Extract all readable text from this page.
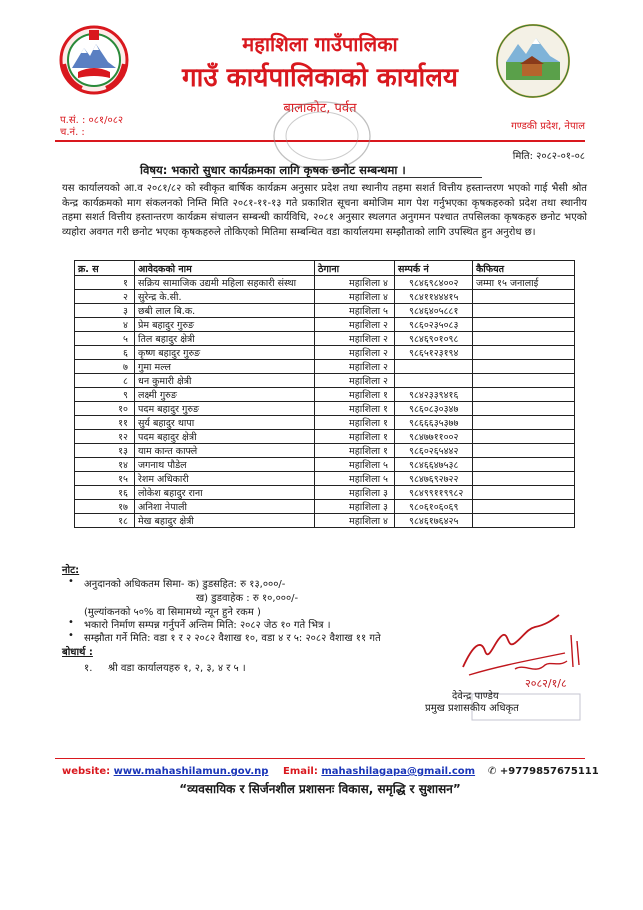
महाशिला गाउँपालिका
गाउँ कार्यपालिकाको कार्यालय
बालाकोट, पर्वत
प.सं. : ०८१/०८२
च.नं. :
गण्डकी प्रदेश, नेपाल
मिति: २०८२-०१-०८
विषय: भकारो सुधार कार्यक्रमका लागि कृषक छनोट सम्बन्धमा ।
यस कार्यालयको आ.व २०८१/८२ को स्वीकृत बार्षिक कार्यक्रम अनुसार प्रदेश तथा स्थानीय तहमा सशर्त वित्तीय हस्तान्तरण भएको गाई भैसी श्रोत केन्द्र कार्यक्रमको माग संकलनको निम्ति मिति २०८१-११-१३ गते प्रकाशित सूचना बमोजिम माग पेश गर्नुभएका कृषकहरुको प्रदेश तथा स्थानीय तहमा सशर्त वित्तीय हस्तान्तरण कार्यक्रम संचालन सम्बन्धी कार्यविधि, २०८१ अनुसार स्थलगत अनुगमन पश्चात तपसिलका कृषकहरु छनोट भएको व्यहोरा अवगत गरी छनोट भएका कृषकहरुले तोकिएको मितिमा सम्बन्धित वडा कार्यालयमा सम्झौताको लागि उपस्थित हुन अनुरोध छ।
क्र. स	आवेदकको नाम	ठेगाना	सम्पर्क नं	कैफियत
१	सक्रिय सामाजिक उद्यमी महिला सहकारी संस्था	महाशिला ४	९८४६९८४००२	जम्मा १५ जनालाई
२	सुरेन्द्र के.सी.	महाशिला ४	९८४११४४४१५	
३	छबी लाल बि.क.	महाशिला ५	९८४६४०५८८१	
४	प्रेम बहादुर गुरुङ	महाशिला २	९८६०२३५०८३	
५	तिल बहादुर क्षेत्री	महाशिला २	९८४६९०१०९८	
६	कृष्ण बहादुर गुरुङ	महाशिला २	९८६५१२३१९४	
७	गुमा मल्ल	महाशिला २		
८	धन कुमारी क्षेत्री	महाशिला २		
९	लक्ष्मी गुरुङ	महाशिला १	९८४२३३९४१६	
१०	पदम बहादुर गुरुङ	महाशिला १	९८६०८३०३४७	
११	सुर्य बहादुर थापा	महाशिला १	९८६६६३५३७७	
१२	पदम बहादुर क्षेत्री	महाशिला १	९८४७७११००२	
१३	याम कान्त काफ्ले	महाशिला १	९८६०२६५४४२	
१४	जगनाथ पौडेल	महाशिला ५	९८४६६४७५३८	
१५	रेशम अधिकारी	महाशिला ५	९८४७६९२७२२	
१६	लोकेश बहादुर राना	महाशिला ३	९८४९९११९९८२	
१७	अनिशा नेपाली	महाशिला ३	९८०६१०६०६९	
१८	मेख बहादुर क्षेत्री	महाशिला ४	९८४६१७६४२५	
नोट:
• अनुदानको अधिकतम सिमा- क) डुडसहित: रु १३,०००/-
ख) डुडवाहेक : रु १०,०००/-
(मुल्यांकनको ५०% वा सिमामध्ये न्यून हुने रकम )
• भकारो निर्माण सम्पन्न गर्नुपर्ने अन्तिम मिति: २०८२ जेठ १० गते भित्र ।
• सम्झौता गर्ने मिति: वडा १ र २ २०८२ वैशाख १०, वडा ४ र ५: २०८२ वैशाख ११ गते
बोधार्थ :
१. श्री वडा कार्यालयहरु १, २, ३, ४ र ५ ।
२०८२/१/८
देवेन्द्र पाण्डेय
प्रमुख प्रशासकीय अधिकृत
website: www.mahashilamun.gov.np Email: mahashilagapa@gmail.com ✆ +9779857675111
“व्यवसायिक र सिर्जनशील प्रशासनः विकास, समृद्धि र सुशासन”
